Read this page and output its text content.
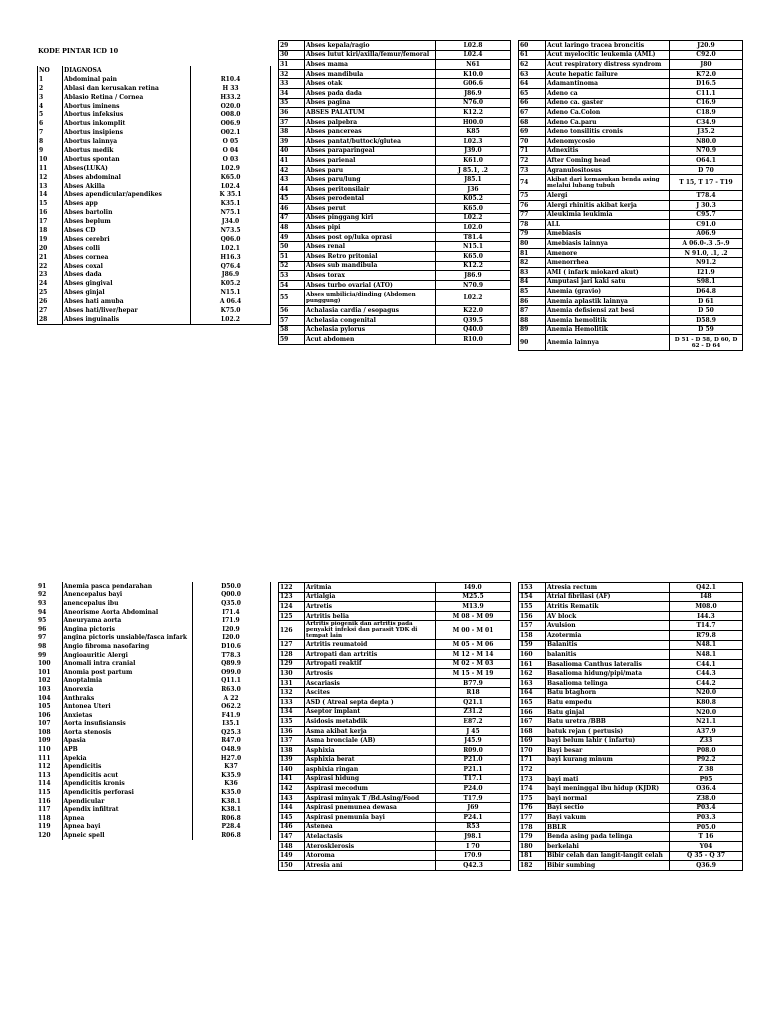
KODE PINTAR ICD 10
NO	DIAGNOSA	
1	Abdominal pain	R10.4
2	Ablasi dan kerusakan retina	H 33
3	Ablasio Retina / Cornea	H33.2
4	Abortus iminens	O20.0
5	Abortus infeksius	O08.0
6	Abortus inkomplit	O06.9
7	Abortus insipiens	O02.1
8	Abortus lainnya	O 05
9	Abortus medik	O 04
10	Abortus spontan	O 03
11	Abses(LUKA)	L02.9
12	Abses abdominal	K65.0
13	Abses Akilla	L02.4
14	Abses apendicular/apendikes	K 35.1
15	Abses app	K35.1
16	Abses bartolin	N75.1
17	Abses beplum	J34.0
18	Abses CD	N73.5
19	Abses cerebri	Q06.0
20	Abses colli	L02.1
21	Abses cornea	H16.3
22	Abses coxal	Q76.4
23	Abses dada	J86.9
24	Abses gingival	K05.2
25	Abses ginjal	N15.1
26	Abses hati amuba	A 06.4
27	Abses hati/liver/hepar	K75.0
28	Abses inguinalis	L02.2
29	Abses kepala/ragio	L02.8
30	Abses lutut kiri/axilla/femur/femoral	L02.4
31	Abses mama	N61
32	Abses mandibula	K10.0
33	Abses otak	G06.6
34	Abses pada dada	J86.9
35	Abses pagina	N76.0
36	ABSES PALATUM	K12.2
37	Abses palpebra	H00.0
38	Abses pancereas	K85
39	Abses pantat/buttock/glutea	L02.3
40	Abses paraparingeal	J39.0
41	Abses parienal	K61.0
42	Abses paru	J 85.1, .2
43	Abses paru/lung	J85.1
44	Abses peritonsilair	J36
45	Abses perodental	K05.2
46	Abses perut	K65.0
47	Abses pinggang kiri	L02.2
48	Abses pipi	L02.0
49	Abses post op/luka oprasi	T81.4
50	Abses renal	N15.1
51	Abses Retro pritonial	K65.0
52	Abses sub mandibula	K12.2
53	Abses torax	J86.9
54	Abses turbo ovarial (ATO)	N70.9
55	Abses umbilicia/dinding (Abdomen punggung)	L02.2
56	Achalasia cardia / esopagus	K22.0
57	Achelasia congenital	Q39.5
58	Achelasia pylorus	Q40.0
59	Acut abdomen	R10.0
60	Acut laringo tracea broncitis	J20.9
61	Acut myelocitic leukemia (AML)	C92.0
62	Acut respiratory distress syndrom	J80
63	Acute hepatic failure	K72.0
64	Adamantinoma	D16.5
65	Adeno ca	C11.1
66	Adeno ca. gaster	C16.9
67	Adeno Ca.Colon	C18.9
68	Adeno Ca.paru	C34.9
69	Adeno tonsilitis cronis	J35.2
70	Adenomycosio	N80.0
71	Adnexitis	N70.9
72	After Coming head	O64.1
73	Agranulositosus	D 70
74	Akibat dari kemasukan benda asing melalui lubang tubuh	T 15, T 17 - T19
75	Alergi	T78.4
76	Alergi rhinitis akibat kerja	J 30.3
77	Aleukimia leukimia	C95.7
78	ALL	C91.0
79	Amebiasis	A06.9
80	Amebiasis lainnya	A 06.0-.3 .5-.9
81	Amenore	N 91.0, .1, .2
82	Amenorrhea	N91.2
83	AMI ( infark miokard akut)	I21.9
84	Amputasi jari kaki satu	S98.1
85	Anemia (gravio)	D64.8
86	Anemia aplastik lainnya	D 61
87	Anemia defisiensi zat besi	D 50
88	Anemia hemolitik	D58.9
89	Anemia Hemolitik	D 59
90	Anemia lainnya	D 51 - D 58, D 60, D 62 - D 64
91	Anemia pasca pendarahan	D50.0
92	Anencepalus bayi	Q00.0
93	anencepalus ibu	Q35.0
94	Aneorisme Aorta Abdominal	I71.4
95	Aneuryama aorta	I71.9
96	Angina pictoris	I20.9
97	angina pictoris unsiable/fasca infark	I20.0
98	Angio fibroma nasofaring	D10.6
99	Angioauritic Alergi	T78.3
100	Anomali intra cranial	Q89.9
101	Anomia post partum	O99.0
102	Anoptalmia	Q11.1
103	Anorexia	R63.0
104	Anthraks	A 22
105	Antonea Uteri	O62.2
106	Anxietas	F41.9
107	Aorta insufisiansis	I35.1
108	Aorta stenosis	Q25.3
109	Apasia	R47.0
110	APB	O48.9
111	Apekia	H27.0
112	Apendicitis	K37
113	Apendicitis acut	K35.9
114	Apendicitis kronis	K36
115	Apendicitis perforasi	K35.0
116	Apendicular	K38.1
117	Apendix infiltrat	K38.1
118	Apnea	R06.8
119	Apnea bayi	P28.4
120	Apneic spell	R06.8
122	Aritmia	I49.0
123	Artialgia	M25.5
124	Artretis	M13.9
125	Artritis belia	M 08 - M 09
126	Artritis piogenik dan artritis pada penyakit infeksi dan parasit YDK di tempat lain	M 00 - M 01
127	Artritis reumatoid	M 05 - M 06
128	Artropati dan artritis	M 12 - M 14
129	Artropati reaktif	M 02 - M 03
130	Artrosis	M 15 - M 19
131	Ascariasis	B77.9
132	Ascites	R18
133	ASD ( Atreal septa depta )	Q21.1
134	Aseptor implant	Z31.2
135	Asidosis metabdik	E87.2
136	Asma akibat kerja	J 45
137	Asma bronciale (AB)	J45.9
138	Asphixia	R09.0
139	Asphixia berat	P21.0
140	asphixia ringan	P21.1
141	Aspirasi hidung	T17.1
142	Aspirasi mecodum	P24.0
143	Aspirasi minyak T /Bd.Asing/Food	T17.9
144	Aspirasi pnemunea dewasa	J69
145	Aspirasi pnemunia bayi	P24.1
146	Astenea	R53
147	Atelactasis	J98.1
148	Aterosklerosis	I 70
149	Atoroma	I70.9
150	Atresia ani	Q42.3
153	Atresia rectum	Q42.1
154	Atrial fibrilasi (AF)	I48
155	Atritis Rematik	M08.0
156	AV block	I44.3
157	Avulsion	T14.7
158	Azotermia	R79.8
159	Balanitis	N48.1
160	balanitis	N48.1
161	Basalioma Canthus lateralis	C44.1
162	Basalioma hidung/pipi/mata	C44.3
163	Basalioma telinga	C44.2
164	Batu btaghorn	N20.0
165	Batu empedu	K80.8
166	Batu ginjal	N20.0
167	Batu uretra /BBB	N21.1
168	batuk rejan ( pertusis)	A37.9
169	bayi belum lahir ( infartu)	Z33
170	Bayi besar	P08.0
171	bayi kurang minum	P92.2
172		Z 38
173	bayi mati	P95
174	bayi meninggal ibu hidup (KJDR)	O36.4
175	bayi normal	Z38.0
176	Bayi sectio	P03.4
177	Bayi vakum	P03.3
178	BBLR	P05.0
179	Benda asing pada telinga	T 16
180	berkelahi	Y04
181	Bibir celah dan langit-langit celah	Q 35 - Q 37
182	Bibir sumbing	Q36.9
